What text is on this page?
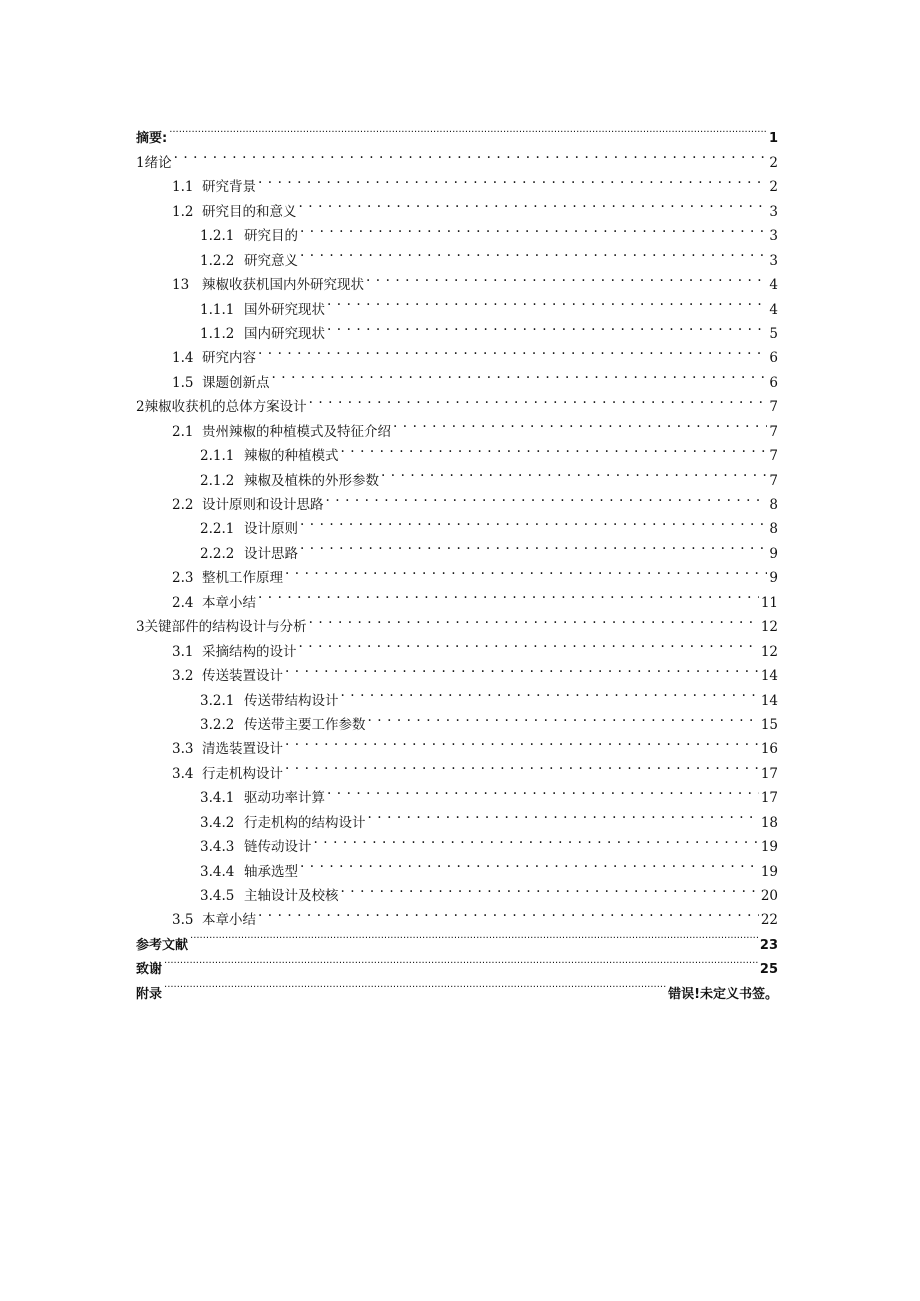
摘要: .....	1
1 绪论 . . .	2
1.1 研究背景 . . .	2
1.2 研究目的和意义 . . .	3
1.2.1 研究目的 . . .	3
1.2.2 研究意义 . . .	3
13 辣椒收获机国内外研究现状 . . .	4
1.1.1 国外研究现状 . . .	4
1.1.2 国内研究现状 . . .	5
1.4 研究内容 . . .	6
1.5 课题创新点 . . .	6
2 辣椒收获机的总体方案设计 . . .	7
2.1 贵州辣椒的种植模式及特征介绍 . . .	7
2.1.1 辣椒的种植模式 . . .	7
2.1.2 辣椒及植株的外形参数 . . .	7
2.2 设计原则和设计思路 . . .	8
2.2.1 设计原则 . . .	8
2.2.2 设计思路 . . .	9
2.3 整机工作原理 . . .	9
2.4 本章小结 . . .	11
3 关键部件的结构设计与分析 . . .	12
3.1 采摘结构的设计 . . .	12
3.2 传送装置设计 . . .	14
3.2.1 传送带结构设计 . . .	14
3.2.2 传送带主要工作参数 . . .	15
3.3 清选装置设计 . . .	16
3.4 行走机构设计 . . .	17
3.4.1 驱动功率计算 . . .	17
3.4.2 行走机构的结构设计 . . .	18
3.4.3 链传动设计 . . .	19
3.4.4 轴承选型 . . .	19
3.4.5 主轴设计及校核 . . .	20
3.5 本章小结 . . .	22
参考文献 .....	23
致谢 .....	25
附录 .....	错误!未定义书签。
